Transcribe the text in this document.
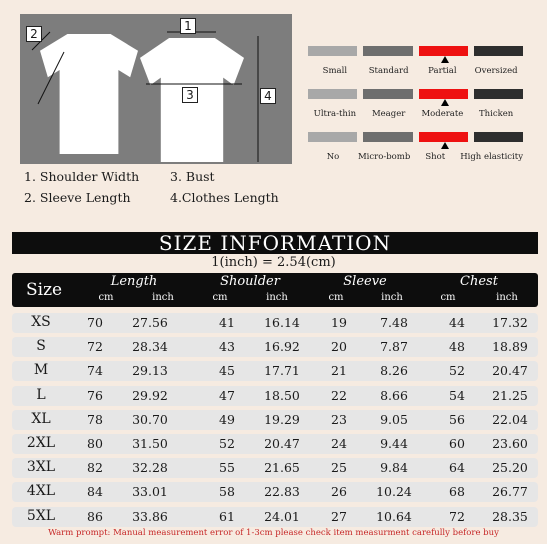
1
2
3	4
Small	Standard	Partial	Oversized
Ultra-thin	Meager	Moderate	Thicken
No	Micro-bomb	Shot	High elasticity
1. Shoulder Width
2. Sleeve Length
3. Bust
4.Clothes Length
SIZE INFORMATION
1(inch) = 2.54(cm)
Size	Length
cm	inch
Shoulder
cm	inch
Sleeve
cm	inch
Chest
cm	inch
XS	70	27.56	41	16.14	19	7.48	44	17.32
S	72	28.34	43	16.92	20	7.87	48	18.89
M	74	29.13	45	17.71	21	8.26	52	20.47
L	76	29.92	47	18.50	22	8.66	54	21.25
XL	78	30.70	49	19.29	23	9.05	56	22.04
2XL	80	31.50	52	20.47	24	9.44	60	23.60
3XL	82	32.28	55	21.65	25	9.84	64	25.20
4XL	84	33.01	58	22.83	26	10.24	68	26.77
5XL	86	33.86	61	24.01	27	10.64	72	28.35
Warm prompt: Manual measurement error of 1-3cm please check item measurment carefully before buy
